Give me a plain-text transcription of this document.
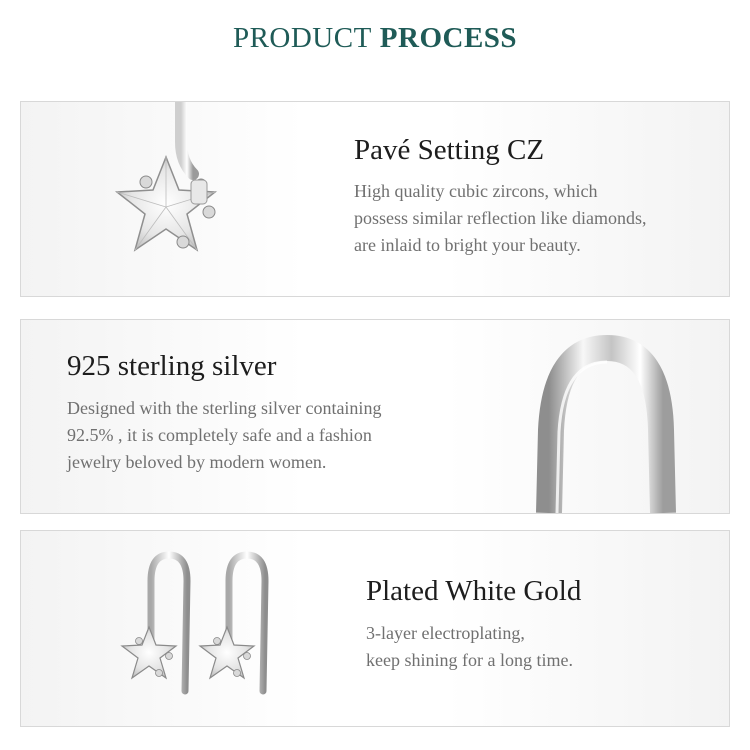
PRODUCT PROCESS
Pavé Setting CZ
High quality cubic zircons, which
possess similar reflection like diamonds,
are inlaid to bright your beauty.
925 sterling silver
Designed with the sterling silver containing
92.5% , it is completely safe and a fashion
jewelry beloved by modern women.
Plated White Gold
3-layer electroplating,
keep shining for a long time.
